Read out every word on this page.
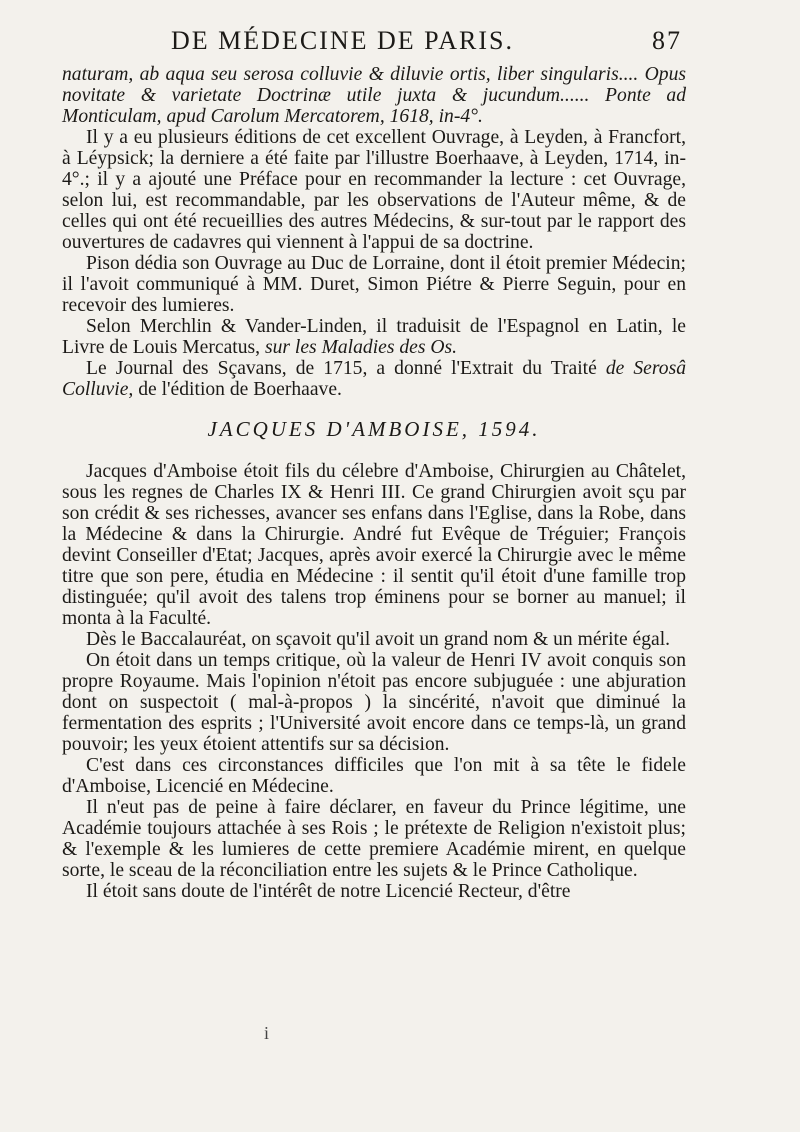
DE MÉDECINE DE PARIS.	87

naturam, ab aqua seu serosa colluvie & diluvie ortis, liber singularis.... Opus novitate & varietate Doctrinæ utile juxta & jucundum...... Ponte ad Monticulam, apud Carolum Mercatorem, 1618, in-4°.

Il y a eu plusieurs éditions de cet excellent Ouvrage, à Leyden, à Francfort, à Léypsick; la derniere a été faite par l'illustre Boerhaave, à Leyden, 1714, in-4°.; il y a ajouté une Préface pour en recommander la lecture : cet Ouvrage, selon lui, est recommandable, par les observations de l'Auteur même, & de celles qui ont été recueillies des autres Médecins, & sur-tout par le rapport des ouvertures de cadavres qui viennent à l'appui de sa doctrine.

Pison dédia son Ouvrage au Duc de Lorraine, dont il étoit premier Médecin; il l'avoit communiqué à MM. Duret, Simon Piétre & Pierre Seguin, pour en recevoir des lumieres.

Selon Merchlin & Vander-Linden, il traduisit de l'Espagnol en Latin, le Livre de Louis Mercatus, sur les Maladies des Os.

Le Journal des Sçavans, de 1715, a donné l'Extrait du Traité de Serosâ Colluvie, de l'édition de Boerhaave.

JACQUES D'AMBOISE, 1594.

Jacques d'Amboise étoit fils du célebre d'Amboise, Chirurgien au Châtelet, sous les regnes de Charles IX & Henri III. Ce grand Chirurgien avoit sçu par son crédit & ses richesses, avancer ses enfans dans l'Eglise, dans la Robe, dans la Médecine & dans la Chirurgie. André fut Evêque de Tréguier; François devint Conseiller d'Etat; Jacques, après avoir exercé la Chirurgie avec le même titre que son pere, étudia en Médecine : il sentit qu'il étoit d'une famille trop distinguée; qu'il avoit des talens trop éminens pour se borner au manuel; il monta à la Faculté.

Dès le Baccalauréat, on sçavoit qu'il avoit un grand nom & un mérite égal.

On étoit dans un temps critique, où la valeur de Henri IV avoit conquis son propre Royaume. Mais l'opinion n'étoit pas encore subjuguée : une abjuration dont on suspectoit ( mal-à-propos ) la sincérité, n'avoit que diminué la fermentation des esprits ; l'Université avoit encore dans ce temps-là, un grand pouvoir; les yeux étoient attentifs sur sa décision.

C'est dans ces circonstances difficiles que l'on mit à sa tête le fidele d'Amboise, Licencié en Médecine.

Il n'eut pas de peine à faire déclarer, en faveur du Prince légitime, une Académie toujours attachée à ses Rois ; le prétexte de Religion n'existoit plus; & l'exemple & les lumieres de cette premiere Académie mirent, en quelque sorte, le sceau de la réconciliation entre les sujets & le Prince Catholique.

Il étoit sans doute de l'intérêt de notre Licencié Recteur, d'être

i
